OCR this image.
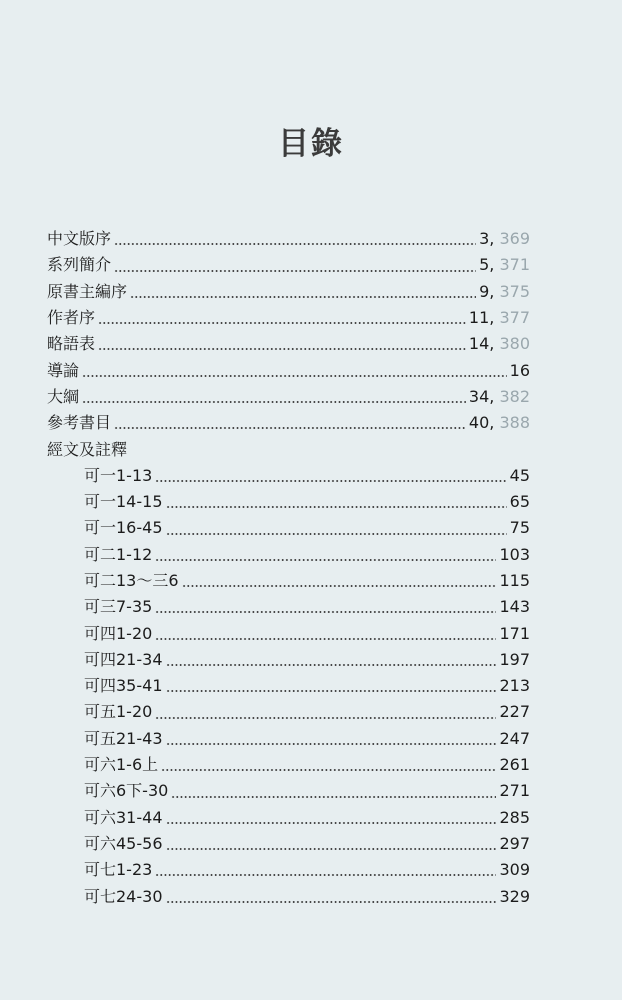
目錄
中文版序	3, 369
系列簡介	5, 371
原書主編序	9, 375
作者序	11, 377
略語表	14, 380
導論	16
大綱	34, 382
參考書目	40, 388
經文及註釋
可一1-13	45
可一14-15	65
可一16-45	75
可二1-12	103
可二13～三6	115
可三7-35	143
可四1-20	171
可四21-34	197
可四35-41	213
可五1-20	227
可五21-43	247
可六1-6上	261
可六6下-30	271
可六31-44	285
可六45-56	297
可七1-23	309
可七24-30	329
